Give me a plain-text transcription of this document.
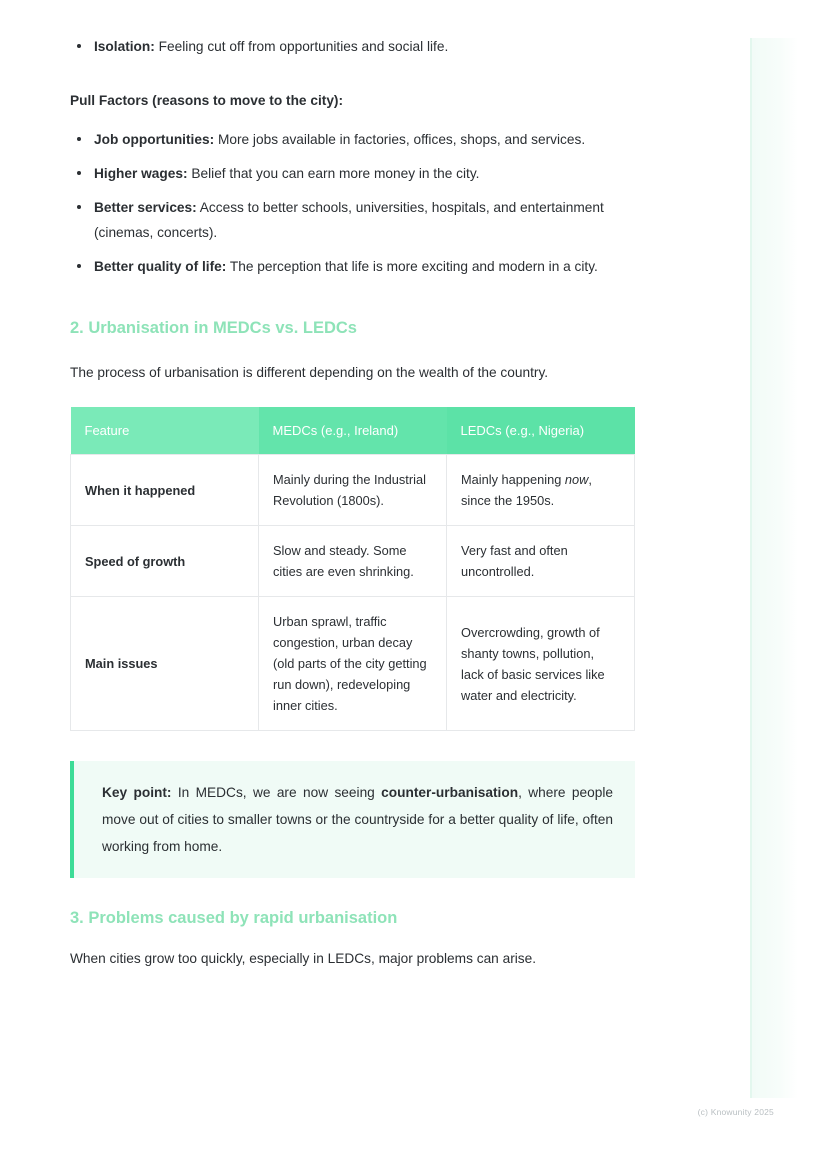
Isolation: Feeling cut off from opportunities and social life.

Pull Factors (reasons to move to the city):

Job opportunities: More jobs available in factories, offices, shops, and services.
Higher wages: Belief that you can earn more money in the city.
Better services: Access to better schools, universities, hospitals, and entertainment (cinemas, concerts).
Better quality of life: The perception that life is more exciting and modern in a city.
2. Urbanisation in MEDCs vs. LEDCs

The process of urbanisation is different depending on the wealth of the country.

Feature	MEDCs (e.g., Ireland)	LEDCs (e.g., Nigeria)
When it happened	Mainly during the Industrial Revolution (1800s).	Mainly happening now, since the 1950s.
Speed of growth	Slow and steady. Some cities are even shrinking.	Very fast and often uncontrolled.
Main issues	Urban sprawl, traffic congestion, urban decay (old parts of the city getting run down), redeveloping inner cities.	Overcrowding, growth of shanty towns, pollution, lack of basic services like water and electricity.
Key point: In MEDCs, we are now seeing counter-urbanisation, where people move out of cities to smaller towns or the countryside for a better quality of life, often working from home.
3. Problems caused by rapid urbanisation

When cities grow too quickly, especially in LEDCs, major problems can arise.

(c) Knowunity 2025
